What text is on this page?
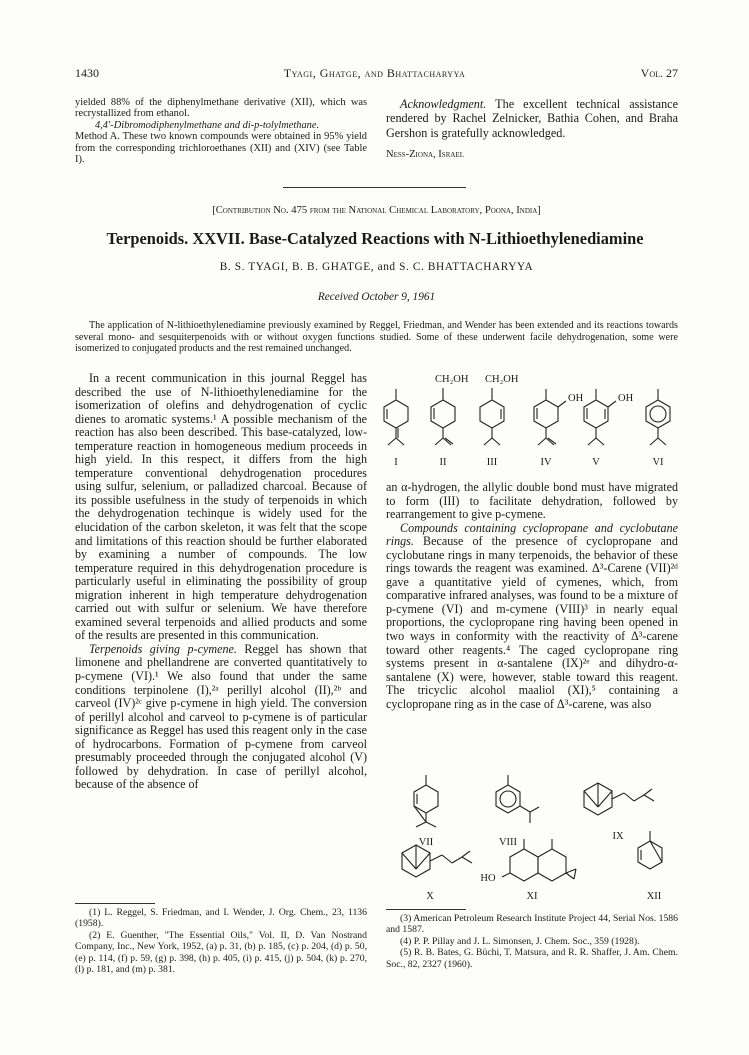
1430	Tyagi, Ghatge, and Bhattacharyya	Vol. 27

yielded 88% of the diphenylmethane derivative (XII), which was recrystallized from ethanol.

4,4′-Dibromodiphenylmethane and di-p-tolylmethane.

Method A. These two known compounds were obtained in 95% yield from the corresponding trichloroethanes (XII) and (XIV) (see Table I).

Acknowledgment. The excellent technical assistance rendered by Rachel Zelnicker, Bathia Cohen, and Braha Gershon is gratefully acknowledged.

Ness-Ziona, Israel

[Contribution No. 475 from the National Chemical Laboratory, Poona, India]
Terpenoids. XXVII. Base-Catalyzed Reactions with N-Lithioethylenediamine
B. S. TYAGI, B. B. GHATGE, and S. C. BHATTACHARYYA
Received October 9, 1961

The application of N-lithioethylenediamine previously examined by Reggel, Friedman, and Wender has been extended and its reactions towards several mono- and sesquiterpenoids with or without oxygen functions studied. Some of these underwent facile dehydrogenation, some were isomerized to conjugated products and the rest remained unchanged.

In a recent communication in this journal Reggel has described the use of N-lithioethylenediamine for the isomerization of olefins and dehydrogenation of cyclic dienes to aromatic systems.¹ A possible mechanism of the reaction has also been described. This base-catalyzed, low-temperature reaction in homogeneous medium proceeds in high yield. In this respect, it differs from the high temperature conventional dehydrogenation procedures using sulfur, selenium, or palladized charcoal. Because of its possible usefulness in the study of terpenoids in which the dehydrogenation techinque is widely used for the elucidation of the carbon skeleton, it was felt that the scope and limitations of this reaction should be further elaborated by examining a number of compounds. The low temperature required in this dehydrogenation procedure is particularly useful in eliminating the possibility of group migration inherent in high temperature dehydrogenation carried out with sulfur or selenium. We have therefore examined several terpenoids and allied products and some of the results are presented in this communication.

Terpenoids giving p-cymene. Reggel has shown that limonene and phellandrene are converted quantitatively to p-cymene (VI).¹ We also found that under the same conditions terpinolene (I),²ᵃ perillyl alcohol (II),²ᵇ and carveol (IV)²ᶜ give p-cymene in high yield. The conversion of perillyl alcohol and carveol to p-cymene is of particular significance as Reggel has used this reagent only in the case of hydrocarbons. Formation of p-cymene from carveol presumably proceeded through the conjugated alcohol (V) followed by dehydration. In case of perillyl alcohol, because of the absence of

(1) L. Reggel, S. Friedman, and I. Wender, J. Org. Chem., 23, 1136 (1958).

(2) E. Guenther, "The Essential Oils," Vol. II, D. Van Nostrand Company, Inc., New York, 1952, (a) p. 31, (b) p. 185, (c) p. 204, (d) p. 50, (e) p. 114, (f) p. 59, (g) p. 398, (h) p. 405, (i) p. 415, (j) p. 504, (k) p. 270, (l) p. 181, and (m) p. 381.

CH₂OH CH₂OH
OH	OH
I	II	III	IV	V	VI

an α-hydrogen, the allylic double bond must have migrated to form (III) to facilitate dehydration, followed by rearrangement to give p-cymene.

Compounds containing cyclopropane and cyclobutane rings. Because of the presence of cyclopropane and cyclobutane rings in many terpenoids, the behavior of these rings towards the reagent was examined. Δ³-Carene (VII)²ᵈ gave a quantitative yield of cymenes, which, from comparative infrared analyses, was found to be a mixture of p-cymene (VI) and m-cymene (VIII)³ in nearly equal proportions, the cyclopropane ring having been opened in two ways in conformity with the reactivity of Δ³-carene toward other reagents.⁴ The caged cyclopropane ring systems present in α-santalene (IX)²ᵉ and dihydro-α-santalene (X) were, however, stable toward this reagent. The tricyclic alcohol maaliol (XI),⁵ containing a cyclopropane ring as in the case of Δ³-carene, was also

VII	VIII
IX
X	XI	XII
HO

(3) American Petroleum Research Institute Project 44, Serial Nos. 1586 and 1587.

(4) P. P. Pillay and J. L. Simonsen, J. Chem. Soc., 359 (1928).

(5) R. B. Bates, G. Büchi, T. Matsura, and R. R. Shaffer, J. Am. Chem. Soc., 82, 2327 (1960).
